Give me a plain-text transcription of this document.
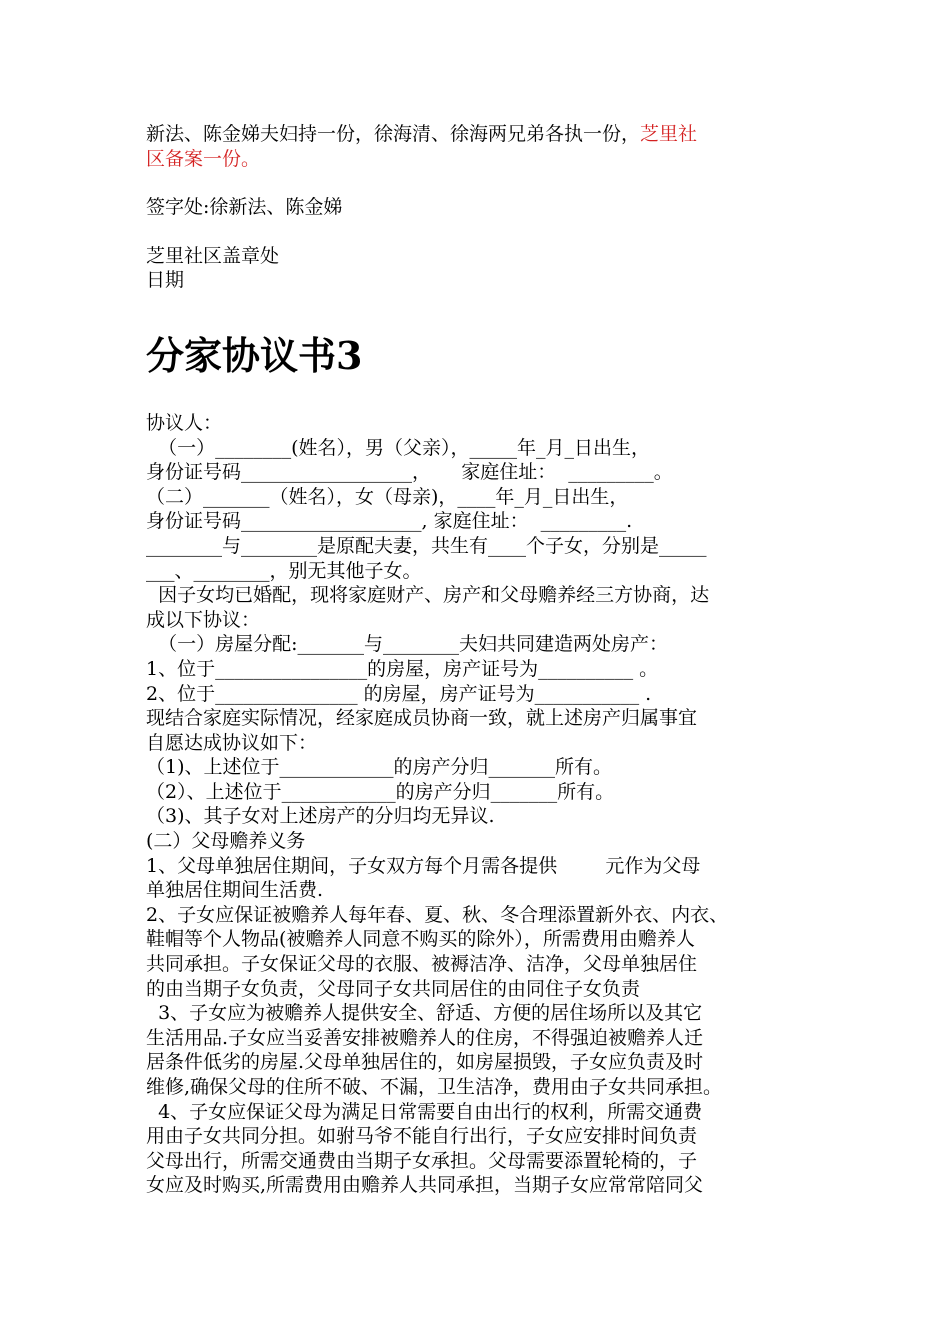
新法、陈金娣夫妇持一份，徐海清、徐海两兄弟各执一份，芝里社

区备案一份。

签字处:徐新法、陈金娣

芝里社区盖章处

日期

分家协议书3

协议人：

（一）________(姓名），男（父亲），_____年_月_日出生，

身份证号码__________________，     家庭住址：  _________。

（二）_______（姓名），女（母亲)，____年_月_日出生，

身份证号码___________________, 家庭住址：  _________.

________与________是原配夫妻，共生有____个子女，分别是_____

___、________，别无其他子女。

因子女均已婚配，现将家庭财产、房产和父母赡养经三方协商，达

成以下协议：

（一）房屋分配:_______与________夫妇共同建造两处房产：

1、位于________________的房屋，房产证号为__________ 。

2、位于_______________ 的房屋，房产证号为___________ .

现结合家庭实际情况，经家庭成员协商一致，就上述房产归属事宜

自愿达成协议如下：

（1)、上述位于____________的房产分归_______所有。

（2）、上述位于____________的房产分归_______所有。

（3)、其子女对上述房产的分归均无异议.

(二）父母赡养义务

1、父母单独居住期间，子女双方每个月需各提供        元作为父母

单独居住期间生活费.

2、子女应保证被赡养人每年春、夏、秋、冬合理添置新外衣、内衣、

鞋帽等个人物品(被赡养人同意不购买的除外），所需费用由赡养人

共同承担。子女保证父母的衣服、被褥洁净、洁净，父母单独居住

的由当期子女负责，父母同子女共同居住的由同住子女负责

3、子女应为被赡养人提供安全、舒适、方便的居住场所以及其它

生活用品.子女应当妥善安排被赡养人的住房，不得强迫被赡养人迁

居条件低劣的房屋.父母单独居住的，如房屋损毁，子女应负责及时

维修,确保父母的住所不破、不漏，卫生洁净，费用由子女共同承担。

4、子女应保证父母为满足日常需要自由出行的权利，所需交通费

用由子女共同分担。如驸马爷不能自行出行，子女应安排时间负责

父母出行，所需交通费由当期子女承担。父母需要添置轮椅的，子

女应及时购买,所需费用由赡养人共同承担，当期子女应常常陪同父
